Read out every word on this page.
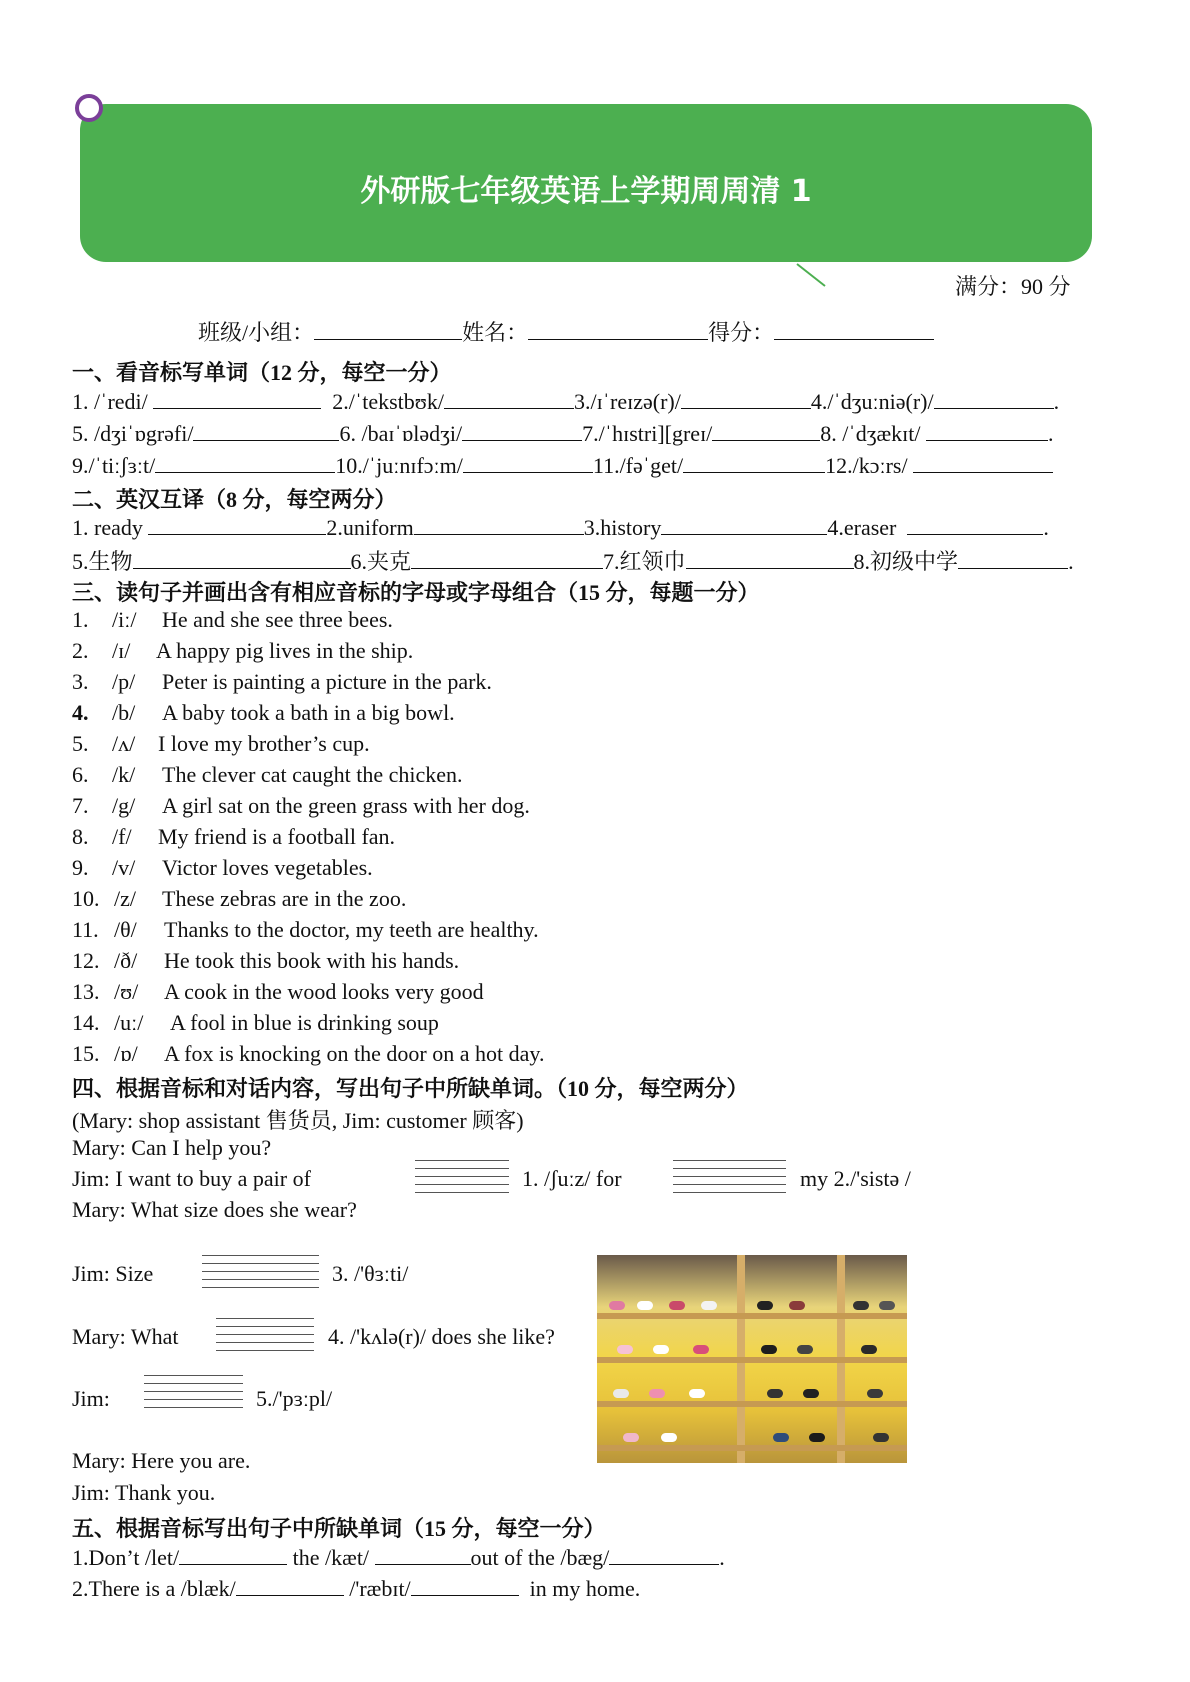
外研版七年级英语上学期周周清 1
满分：90 分
班级/小组：	姓名：	得分：
一、看音标写单词（12 分，每空一分）
1. /ˈredi/	2./ˈtekstbʊk/	3./ɪˈreɪzə(r)/	4./ˈdʒuːniə(r)/	.
5. /dʒiˈɒgrəfi/	6. /baɪˈɒlədʒi/	7./ˈhɪstri][greɪ/	8. /ˈdʒækɪt/	.
9./ˈtiːʃɜːt/	10./ˈjuːnɪfɔːm/	11./fəˈget/	12./kɔːrs/
二、英汉互译（8 分，每空两分）
1. ready	2.uniform	3.history	4.eraser	.
5.生物	6.夹克	7.红领巾	8.初级中学	.
三、读句子并画出含有相应音标的字母或字母组合（15 分，每题一分）
1. /iː/ He and she see three bees.
2. /ɪ/ A happy pig lives in the ship.
3. /p/ Peter is painting a picture in the park.
4. /b/ A baby took a bath in a big bowl.
5. /ʌ/ I love my brother’s cup.
6. /k/ The clever cat caught the chicken.
7. /g/ A girl sat on the green grass with her dog.
8. /f/ My friend is a football fan.
9. /v/ Victor loves vegetables.
10. /z/ These zebras are in the zoo.
11. /θ/ Thanks to the doctor, my teeth are healthy.
12. /ð/ He took this book with his hands.
13. /ʊ/ A cook in the wood looks very good
14. /uː/ A fool in blue is drinking soup
15. /ɒ/ A fox is knocking on the door on a hot day.
四、根据音标和对话内容，写出句子中所缺单词。（10 分，每空两分）
(Mary: shop assistant 售货员, Jim: customer 顾客)
Mary: Can I help you?
Jim: I want to buy a pair of	1. /ʃuːz/ for	my 2./'sistə /
Mary: What size does she wear?
Jim: Size	3. /'θɜːti/
Mary: What	4. /'kʌlə(r)/ does she like?
Jim:	5./'pɜːpl/
Mary: Here you are.
Jim: Thank you.
五、根据音标写出句子中所缺单词（15 分，每空一分）
1.Don’t /let/	the /kæt/	out of the /bæg/	.
2.There is a /blæk/	/'ræbɪt/	in my home.
